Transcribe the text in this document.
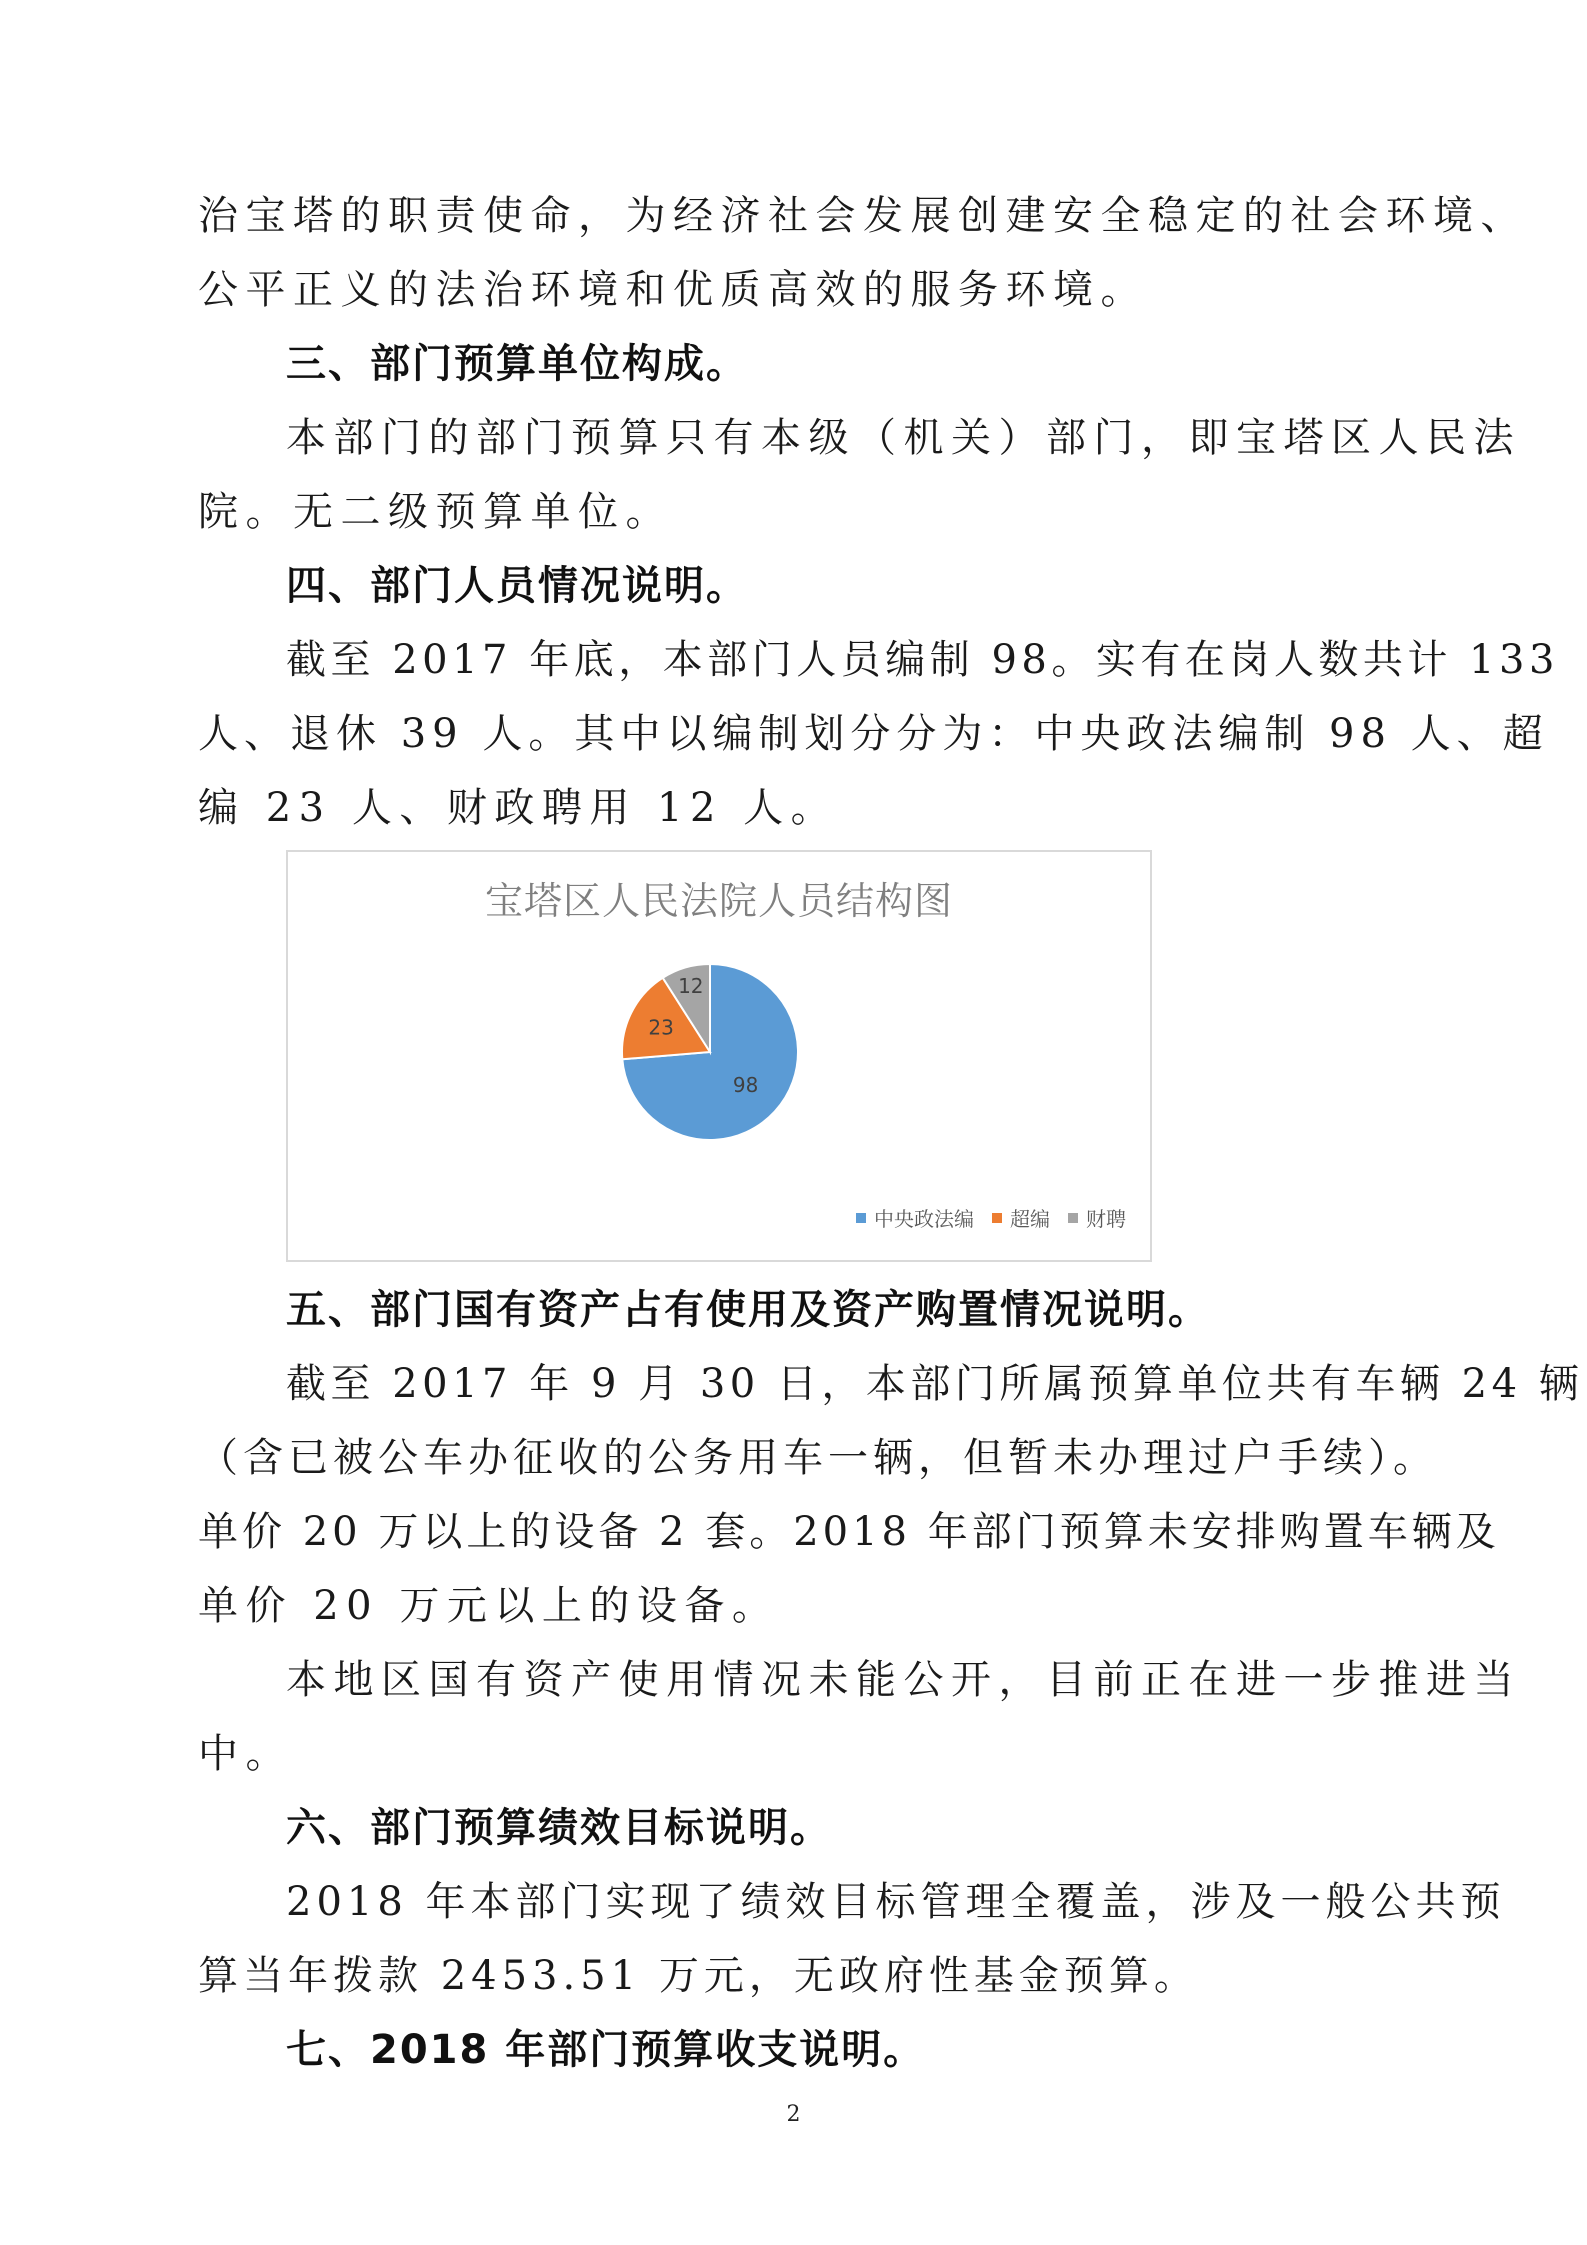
治宝塔的职责使命，为经济社会发展创建安全稳定的社会环境、
公平正义的法治环境和优质高效的服务环境。
三、部门预算单位构成。
本部门的部门预算只有本级（机关）部门，即宝塔区人民法
院。无二级预算单位。
四、部门人员情况说明。
截至 2017 年底，本部门人员编制 98。实有在岗人数共计 133
人、退休 39 人。其中以编制划分分为：中央政法编制 98 人、超
编 23 人、财政聘用 12 人。
宝塔区人民法院人员结构图
98
23
12
中央政法编 超编 财聘
五、部门国有资产占有使用及资产购置情况说明。
截至 2017 年 9 月 30 日，本部门所属预算单位共有车辆 24 辆
（含已被公车办征收的公务用车一辆，但暂未办理过户手续）。
单价 20 万以上的设备 2 套。2018 年部门预算未安排购置车辆及
单价 20 万元以上的设备。
本地区国有资产使用情况未能公开，目前正在进一步推进当
中。
六、部门预算绩效目标说明。
2018 年本部门实现了绩效目标管理全覆盖，涉及一般公共预
算当年拨款 2453.51 万元，无政府性基金预算。
七、2018 年部门预算收支说明。
2
